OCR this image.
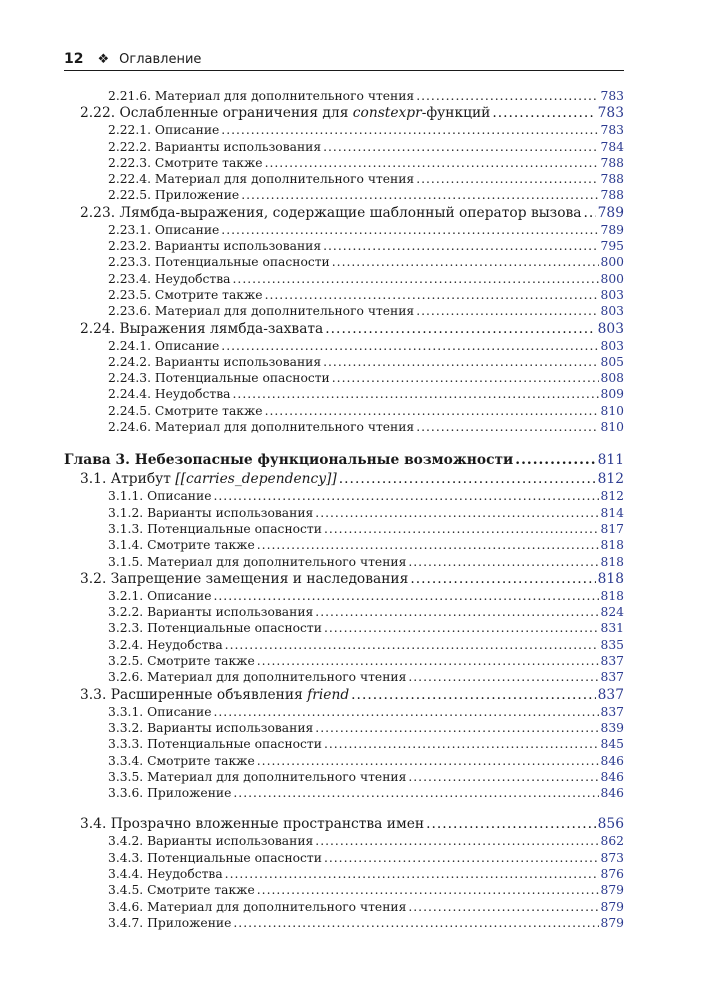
12 ❖ Оглавление
2.21.6. Материал для дополнительного чтения .....	783
2.22. Ослабленные ограничения для constexpr-функций .....	783
2.22.1. Описание .....	783
2.22.2. Варианты использования .....	784
2.22.3. Смотрите также .....	788
2.22.4. Материал для дополнительного чтения .....	788
2.22.5. Приложение .....	788
2.23. Лямбда-выражения, содержащие шаблонный оператор вызова ..... 789
2.23.1. Описание .....	789
2.23.2. Варианты использования .....	795
2.23.3. Потенциальные опасности .....	800
2.23.4. Неудобства .....	800
2.23.5. Смотрите также .....	803
2.23.6. Материал для дополнительного чтения .....	803
2.24. Выражения лямбда-захвата .....	803
2.24.1. Описание .....	803
2.24.2. Варианты использования .....	805
2.24.3. Потенциальные опасности .....	808
2.24.4. Неудобства .....	809
2.24.5. Смотрите также .....	810
2.24.6. Материал для дополнительного чтения .....	810
Глава 3. Небезопасные функциональные возможности .....	811
3.1. Атрибут [[carries_dependency]] .....	812
3.1.1. Описание .....	812
3.1.2. Варианты использования .....	814
3.1.3. Потенциальные опасности .....	817
3.1.4. Смотрите также .....	818
3.1.5. Материал для дополнительного чтения .....	818
3.2. Запрещение замещения и наследования .....	818
3.2.1. Описание .....	818
3.2.2. Варианты использования .....	824
3.2.3. Потенциальные опасности .....	831
3.2.4. Неудобства .....	835
3.2.5. Смотрите также .....	837
3.2.6. Материал для дополнительного чтения .....	837
3.3. Расширенные объявления friend .....	837
3.3.1. Описание .....	837
3.3.2. Варианты использования .....	839
3.3.3. Потенциальные опасности .....	845
3.3.4. Смотрите также .....	846
3.3.5. Материал для дополнительного чтения .....	846
3.3.6. Приложение .....	846
3.4. Прозрачно вложенные пространства имен .....	856
3.4.2. Варианты использования .....	862
3.4.3. Потенциальные опасности .....	873
3.4.4. Неудобства .....	876
3.4.5. Смотрите также .....	879
3.4.6. Материал для дополнительного чтения .....	879
3.4.7. Приложение .....	879
